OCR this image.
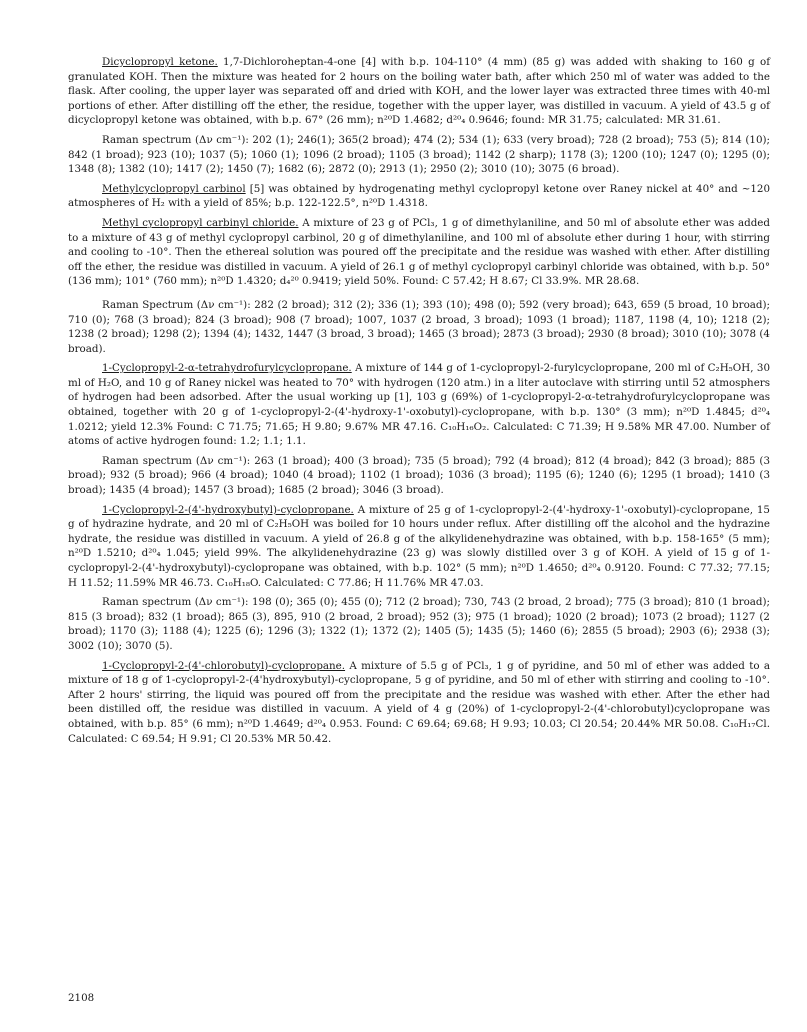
Dicyclopropyl ketone. 1,7-Dichloroheptan-4-one [4] with b.p. 104-110° (4 mm) (85 g) was added with shaking to 160 g of granulated KOH. Then the mixture was heated for 2 hours on the boiling water bath, after which 250 ml of water was added to the flask. After cooling, the upper layer was separated off and dried with KOH, and the lower layer was extracted three times with 40-ml portions of ether. After distilling off the ether, the residue, together with the upper layer, was distilled in vacuum. A yield of 43.5 g of dicyclopropyl ketone was obtained, with b.p. 67° (26 mm); n²⁰D 1.4682; d²⁰₄ 0.9646; found: MR 31.75; calculated: MR 31.61.

Raman spectrum (Δν cm⁻¹): 202 (1); 246(1); 365(2 broad); 474 (2); 534 (1); 633 (very broad); 728 (2 broad); 753 (5); 814 (10); 842 (1 broad); 923 (10); 1037 (5); 1060 (1); 1096 (2 broad); 1105 (3 broad); 1142 (2 sharp); 1178 (3); 1200 (10); 1247 (0); 1295 (0); 1348 (8); 1382 (10); 1417 (2); 1450 (7); 1682 (6); 2872 (0); 2913 (1); 2950 (2); 3010 (10); 3075 (6 broad).

Methylcyclopropyl carbinol [5] was obtained by hydrogenating methyl cyclopropyl ketone over Raney nickel at 40° and ~120 atmospheres of H₂ with a yield of 85%; b.p. 122-122.5°, n²⁰D 1.4318.

Methyl cyclopropyl carbinyl chloride. A mixture of 23 g of PCl₃, 1 g of dimethylaniline, and 50 ml of absolute ether was added to a mixture of 43 g of methyl cyclopropyl carbinol, 20 g of dimethylaniline, and 100 ml of absolute ether during 1 hour, with stirring and cooling to -10°. Then the ethereal solution was poured off the precipitate and the residue was washed with ether. After distilling off the ether, the residue was distilled in vacuum. A yield of 26.1 g of methyl cyclopropyl carbinyl chloride was obtained, with b.p. 50° (136 mm); 101° (760 mm); n²⁰D 1.4320; d₄²⁰ 0.9419; yield 50%. Found: C 57.42; H 8.67; Cl 33.9%. MR 28.68.

Raman Spectrum (Δν cm⁻¹): 282 (2 broad); 312 (2); 336 (1); 393 (10); 498 (0); 592 (very broad); 643, 659 (5 broad, 10 broad); 710 (0); 768 (3 broad); 824 (3 broad); 908 (7 broad); 1007, 1037 (2 broad, 3 broad); 1093 (1 broad); 1187, 1198 (4, 10); 1218 (2); 1238 (2 broad); 1298 (2); 1394 (4); 1432, 1447 (3 broad, 3 broad); 1465 (3 broad); 2873 (3 broad); 2930 (8 broad); 3010 (10); 3078 (4 broad).

1-Cyclopropyl-2-α-tetrahydrofurylcyclopropane. A mixture of 144 g of 1-cyclopropyl-2-furylcyclopropane, 200 ml of C₂H₅OH, 30 ml of H₂O, and 10 g of Raney nickel was heated to 70° with hydrogen (120 atm.) in a liter autoclave with stirring until 52 atmosphers of hydrogen had been adsorbed. After the usual working up [1], 103 g (69%) of 1-cyclopropyl-2-α-tetrahydrofurylcyclopropane was obtained, together with 20 g of 1-cyclopropyl-2-(4'-hydroxy-1'-oxobutyl)-cyclopropane, with b.p. 130° (3 mm); n²⁰D 1.4845; d²⁰₄ 1.0212; yield 12.3% Found: C 71.75; 71.65; H 9.80; 9.67% MR 47.16. C₁₀H₁₆O₂. Calculated: C 71.39; H 9.58% MR 47.00. Number of atoms of active hydrogen found: 1.2; 1.1; 1.1.

Raman spectrum (Δν cm⁻¹): 263 (1 broad); 400 (3 broad); 735 (5 broad); 792 (4 broad); 812 (4 broad); 842 (3 broad); 885 (3 broad); 932 (5 broad); 966 (4 broad); 1040 (4 broad); 1102 (1 broad); 1036 (3 broad); 1195 (6); 1240 (6); 1295 (1 broad); 1410 (3 broad); 1435 (4 broad); 1457 (3 broad); 1685 (2 broad); 3046 (3 broad).

1-Cyclopropyl-2-(4'-hydroxybutyl)-cyclopropane. A mixture of 25 g of 1-cyclopropyl-2-(4'-hydroxy-1'-oxobutyl)-cyclopropane, 15 g of hydrazine hydrate, and 20 ml of C₂H₅OH was boiled for 10 hours under reflux. After distilling off the alcohol and the hydrazine hydrate, the residue was distilled in vacuum. A yield of 26.8 g of the alkylidenehydrazine was obtained, with b.p. 158-165° (5 mm); n²⁰D 1.5210; d²⁰₄ 1.045; yield 99%. The alkylidenehydrazine (23 g) was slowly distilled over 3 g of KOH. A yield of 15 g of 1-cyclopropyl-2-(4'-hydroxybutyl)-cyclopropane was obtained, with b.p. 102° (5 mm); n²⁰D 1.4650; d²⁰₄ 0.9120. Found: C 77.32; 77.15; H 11.52; 11.59% MR 46.73. C₁₀H₁₈O. Calculated: C 77.86; H 11.76% MR 47.03.

Raman spectrum (Δν cm⁻¹): 198 (0); 365 (0); 455 (0); 712 (2 broad); 730, 743 (2 broad, 2 broad); 775 (3 broad); 810 (1 broad); 815 (3 broad); 832 (1 broad); 865 (3), 895, 910 (2 broad, 2 broad); 952 (3); 975 (1 broad); 1020 (2 broad); 1073 (2 broad); 1127 (2 broad); 1170 (3); 1188 (4); 1225 (6); 1296 (3); 1322 (1); 1372 (2); 1405 (5); 1435 (5); 1460 (6); 2855 (5 broad); 2903 (6); 2938 (3); 3002 (10); 3070 (5).

1-Cyclopropyl-2-(4'-chlorobutyl)-cyclopropane. A mixture of 5.5 g of PCl₃, 1 g of pyridine, and 50 ml of ether was added to a mixture of 18 g of 1-cyclopropyl-2-(4'hydroxybutyl)-cyclopropane, 5 g of pyridine, and 50 ml of ether with stirring and cooling to -10°. After 2 hours' stirring, the liquid was poured off from the precipitate and the residue was washed with ether. After the ether had been distilled off, the residue was distilled in vacuum. A yield of 4 g (20%) of 1-cyclopropyl-2-(4'-chlorobutyl)cyclopropane was obtained, with b.p. 85° (6 mm); n²⁰D 1.4649; d²⁰₄ 0.953. Found: C 69.64; 69.68; H 9.93; 10.03; Cl 20.54; 20.44% MR 50.08. C₁₀H₁₇Cl. Calculated: C 69.54; H 9.91; Cl 20.53% MR 50.42.

2108
